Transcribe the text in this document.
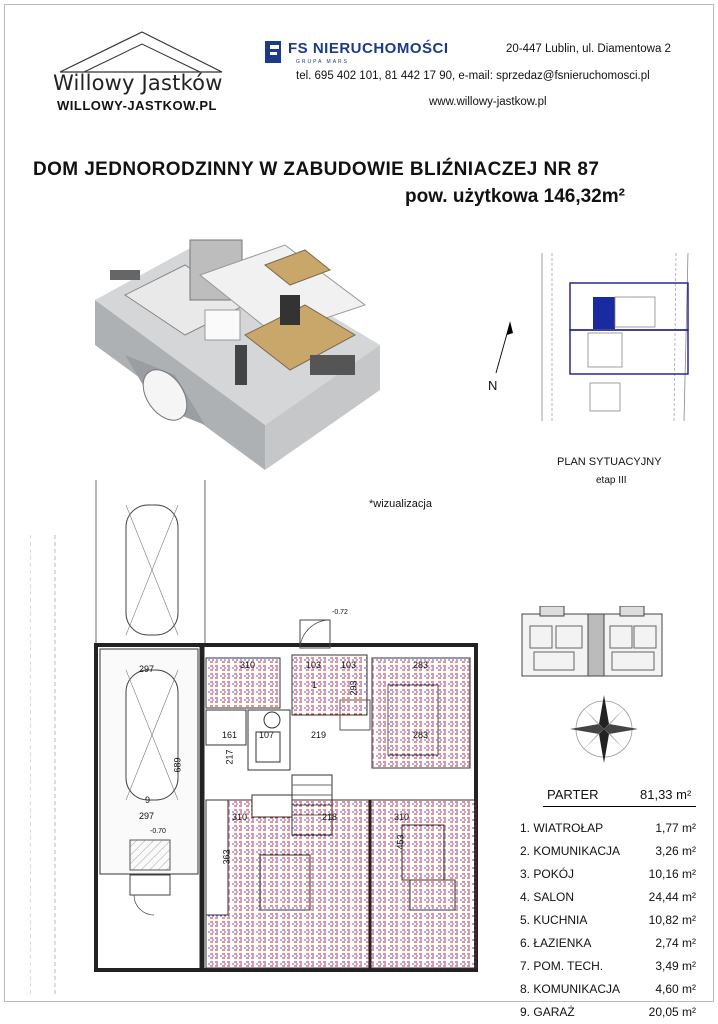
Willowy Jastków
WILLOWY-JASTKOW.PL
FS NIERUCHOMOŚCI
GRUPA MARS
20-447 Lublin, ul. Diamentowa 2
tel. 695 402 101, 81 442 17 90, e-mail: sprzedaz@fsnieruchomosci.pl
www.willowy-jastkow.pl
DOM JEDNORODZINNY W ZABUDOWIE BLIŹNIACZEJ NR 87
pow. użytkowa 146,32m²
N
PLAN SYTUACYJNY
etap III
*wizualizacja
PARTER	81,33 m²
1. WIATROŁAP	1,77 m²
2. KOMUNIKACJA	3,26 m²
3. POKÓJ	10,16 m²
4. SALON	24,44 m²
5. KUCHNIA	10,82 m²
6. ŁAZIENKA	2,74 m²
7. POM. TECH.	3,49 m²
8. KOMUNIKACJA	4,60 m²
9. GARAŻ	20,05 m²
297
297
689
9
310	103 103	283
293
161 107	219	283
310	218	310
363
453
217
1
-0.72
-0.70
